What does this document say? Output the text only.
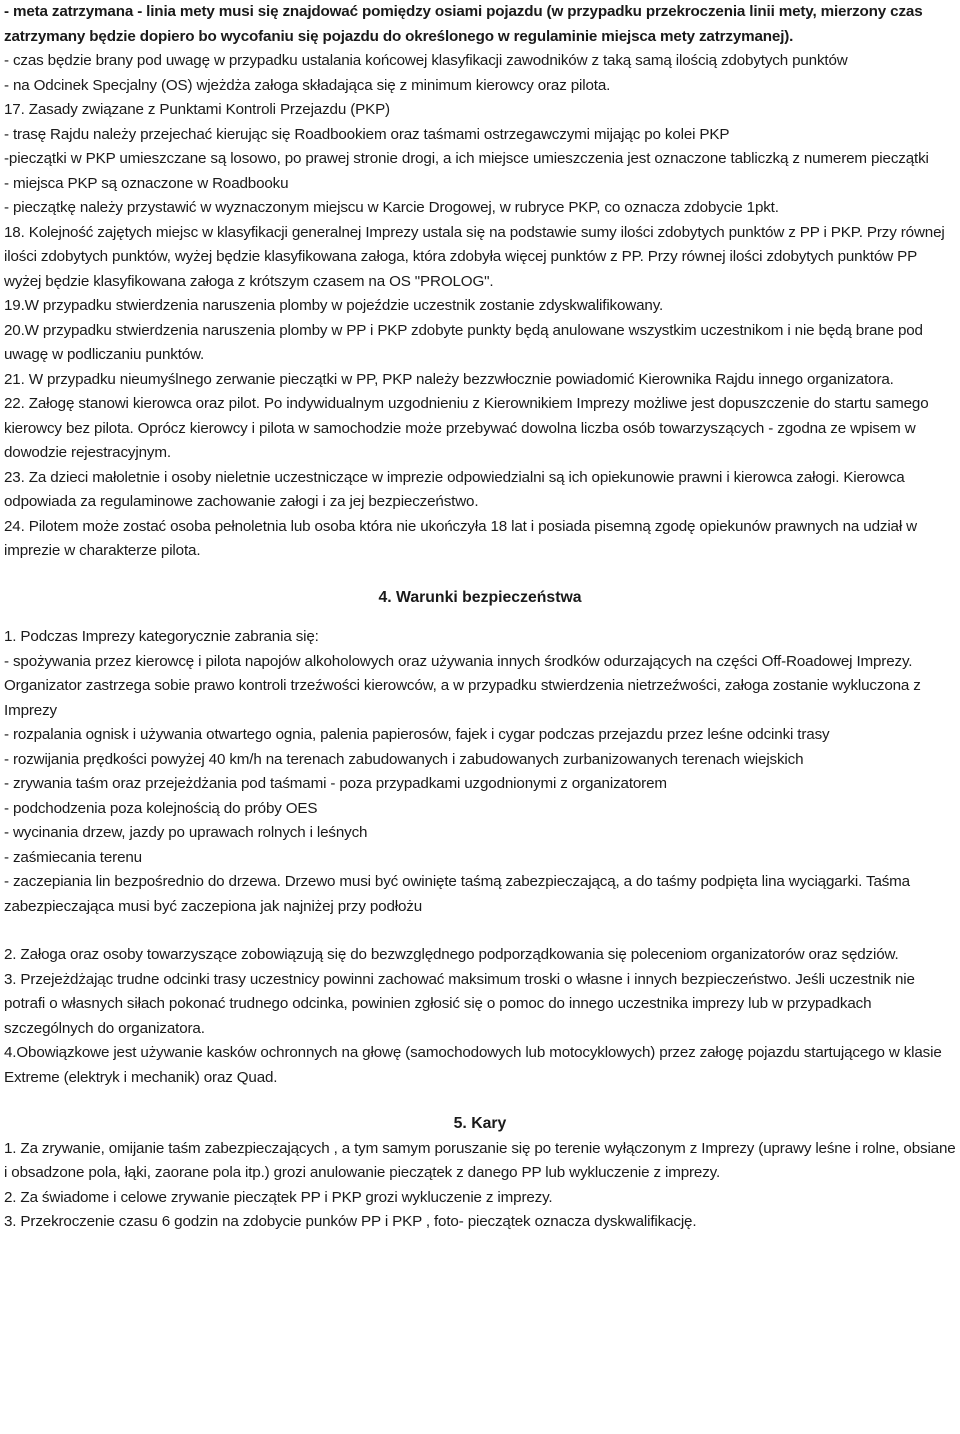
- meta zatrzymana - linia mety musi się znajdować pomiędzy osiami pojazdu (w przypadku przekroczenia linii mety, mierzony czas zatrzymany będzie dopiero bo wycofaniu się pojazdu do określonego w regulaminie miejsca mety zatrzymanej).

- czas będzie brany pod uwagę w przypadku ustalania końcowej klasyfikacji zawodników z taką samą ilością zdobytych punktów

- na Odcinek Specjalny (OS) wjeżdża załoga składająca się z minimum kierowcy oraz pilota.

17. Zasady związane z Punktami Kontroli Przejazdu (PKP)

- trasę Rajdu należy przejechać kierując się Roadbookiem oraz taśmami ostrzegawczymi mijając po kolei PKP

-pieczątki w PKP umieszczane są losowo, po prawej stronie drogi, a ich miejsce umieszczenia jest oznaczone tabliczką z numerem pieczątki

- miejsca PKP są oznaczone w Roadbooku

- pieczątkę należy przystawić w wyznaczonym miejscu w Karcie Drogowej, w rubryce PKP, co oznacza zdobycie 1pkt.

18. Kolejność zajętych miejsc w klasyfikacji generalnej Imprezy ustala się na podstawie sumy ilości zdobytych punktów z PP i PKP. Przy równej ilości zdobytych punktów, wyżej będzie klasyfikowana załoga, która zdobyła więcej punktów z PP. Przy równej ilości zdobytych punktów PP wyżej będzie klasyfikowana załoga z krótszym czasem na OS "PROLOG".

19.W przypadku stwierdzenia naruszenia plomby w pojeździe uczestnik zostanie zdyskwalifikowany.

20.W przypadku stwierdzenia naruszenia plomby w PP i PKP zdobyte punkty będą anulowane wszystkim uczestnikom i nie będą brane pod uwagę w podliczaniu punktów.

21. W przypadku nieumyślnego zerwanie pieczątki w PP, PKP należy bezzwłocznie powiadomić Kierownika Rajdu innego organizatora.

22. Załogę stanowi kierowca oraz pilot. Po indywidualnym uzgodnieniu z Kierownikiem Imprezy możliwe jest dopuszczenie do startu samego kierowcy bez pilota. Oprócz kierowcy i pilota w samochodzie może przebywać dowolna liczba osób towarzyszących - zgodna ze wpisem w dowodzie rejestracyjnym.

23. Za dzieci małoletnie i osoby nieletnie uczestniczące w imprezie odpowiedzialni są ich opiekunowie prawni i kierowca załogi. Kierowca odpowiada za regulaminowe zachowanie załogi i za jej bezpieczeństwo.

24. Pilotem może zostać osoba pełnoletnia lub osoba która nie ukończyła 18 lat i posiada pisemną zgodę opiekunów prawnych na udział w imprezie w charakterze pilota.

4. Warunki bezpieczeństwa

1. Podczas Imprezy kategorycznie zabrania się:

- spożywania przez kierowcę i pilota napojów alkoholowych oraz używania innych środków odurzających na części Off-Roadowej Imprezy. Organizator zastrzega sobie prawo kontroli trzeźwości kierowców, a w przypadku stwierdzenia nietrzeźwości, załoga zostanie wykluczona z Imprezy

- rozpalania ognisk i używania otwartego ognia, palenia papierosów, fajek i cygar podczas przejazdu przez leśne odcinki trasy

- rozwijania prędkości powyżej 40 km/h na terenach zabudowanych i zabudowanych zurbanizowanych terenach wiejskich

- zrywania taśm oraz przejeżdżania pod taśmami - poza przypadkami uzgodnionymi z organizatorem

- podchodzenia poza kolejnością do próby OES

- wycinania drzew, jazdy po uprawach rolnych i leśnych

- zaśmiecania terenu

- zaczepiania lin bezpośrednio do drzewa. Drzewo musi być owinięte taśmą zabezpieczającą, a do taśmy podpięta lina wyciągarki. Taśma zabezpieczająca musi być zaczepiona jak najniżej przy podłożu

2. Załoga oraz osoby towarzyszące zobowiązują się do bezwzględnego podporządkowania się poleceniom organizatorów oraz sędziów.

3. Przejeżdżając trudne odcinki trasy uczestnicy powinni zachować maksimum troski o własne i innych bezpieczeństwo. Jeśli uczestnik nie potrafi o własnych siłach pokonać trudnego odcinka, powinien zgłosić się o pomoc do innego uczestnika imprezy lub w przypadkach szczególnych do organizatora.

4.Obowiązkowe jest używanie kasków ochronnych na głowę (samochodowych lub motocyklowych) przez załogę pojazdu startującego w klasie Extreme (elektryk i mechanik) oraz Quad.

5. Kary

1. Za zrywanie, omijanie taśm zabezpieczających , a tym samym poruszanie się po terenie wyłączonym z Imprezy (uprawy leśne i rolne, obsiane i obsadzone pola, łąki, zaorane pola itp.) grozi anulowanie pieczątek z danego PP lub wykluczenie z imprezy.

2. Za świadome i celowe zrywanie pieczątek PP i PKP grozi wykluczenie z imprezy.

3. Przekroczenie czasu 6 godzin na zdobycie punków PP i PKP , foto- pieczątek oznacza dyskwalifikację.
